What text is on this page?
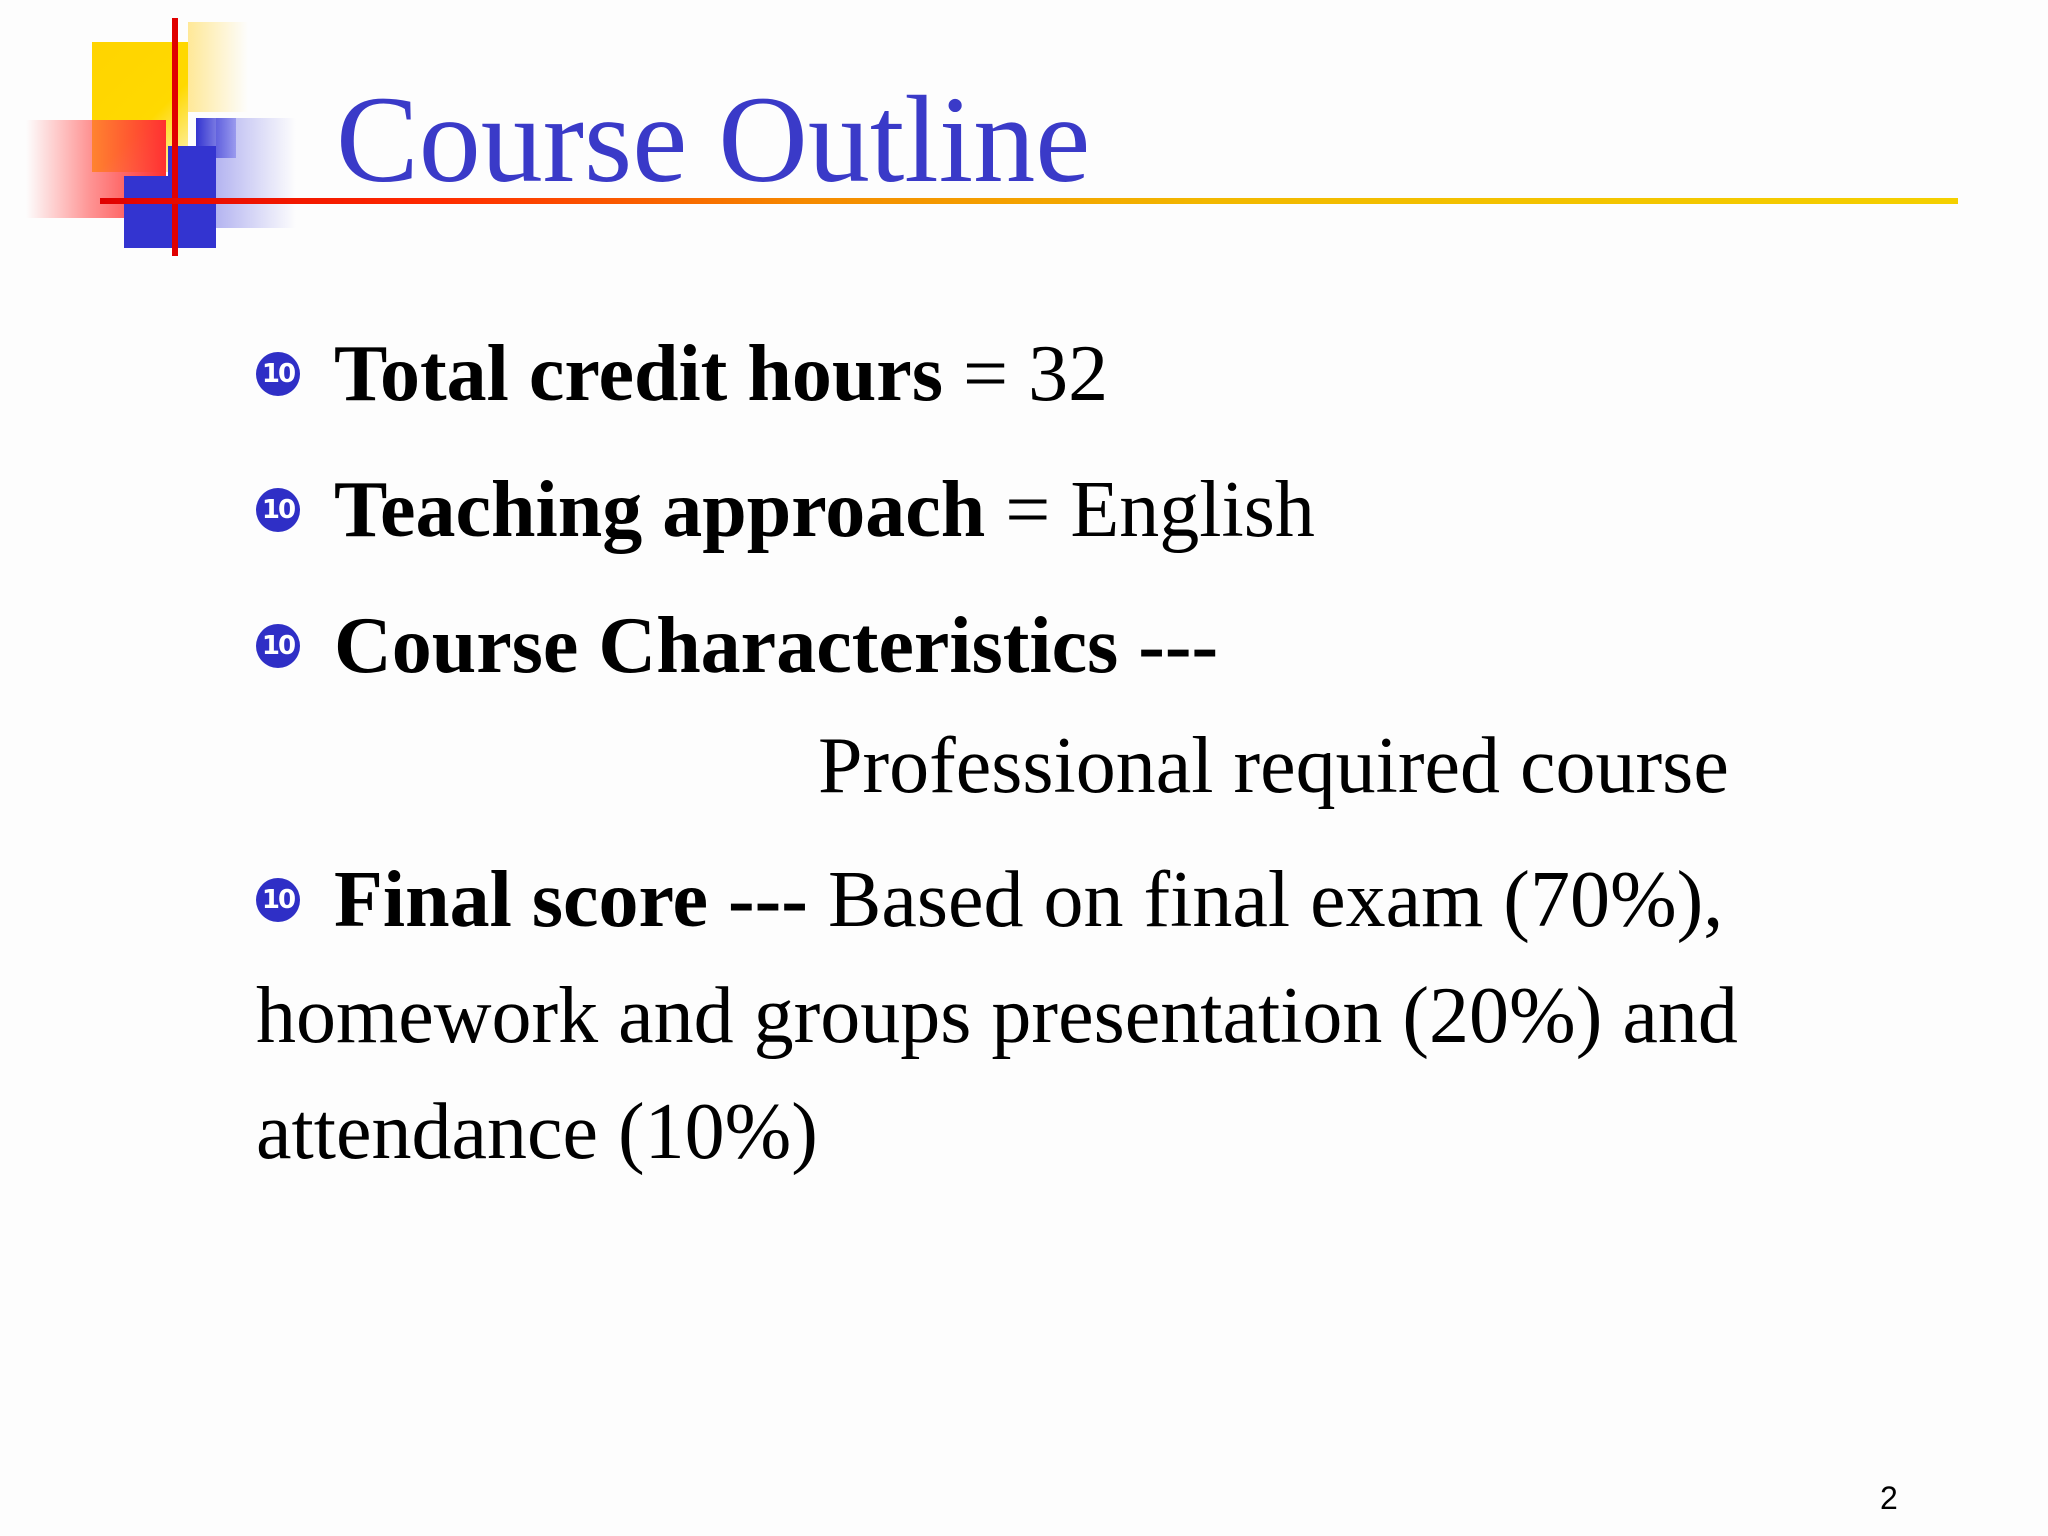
Course Outline
10 Total credit hours = 32
10 Teaching approach = English
10 Course Characteristics ---
Professional required course
10 Final score --- Based on final exam (70%),
homework and groups presentation (20%) and
attendance (10%)
2
